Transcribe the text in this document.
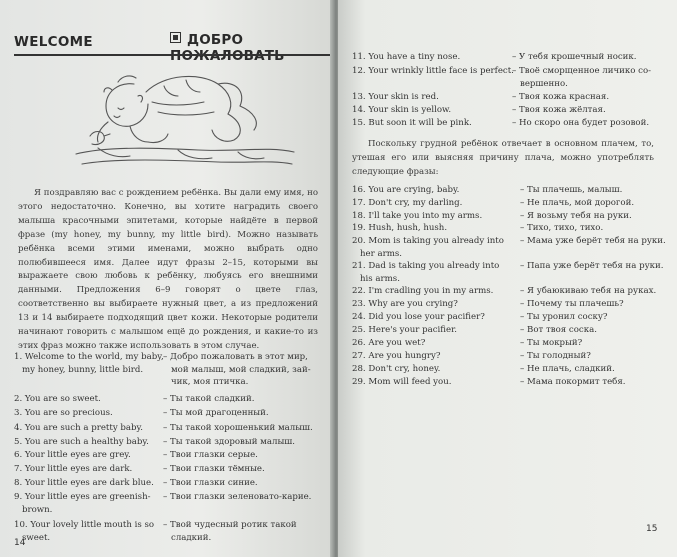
WELCOME	ДОБРО ПОЖАЛОВАТЬ
Я поздравляю вас с рождением ребёнка. Вы дали ему имя, но этого недостаточно. Конечно, вы хотите наградить своего малыша красочными эпитетами, которые найдёте в первой фразе (my honey, my bunny, my little bird). Можно называть ребёнка всеми этими именами, можно выбрать одно полюбившееся имя. Далее идут фразы 2–15, которыми вы выражаете свою любовь к ребёнку, любуясь его внешними данными. Предложения 6–9 говорят о цвете глаз, соответственно вы выбираете нужный цвет, а из предложений 13 и 14 выбираете подходящий цвет кожи. Некоторые родители начинают говорить с малышом ещё до рождения, и какие-то из этих фраз можно также использовать в этом случае.
1. Welcome to the world, my baby,
my honey, bunny, little bird.
– Добро пожаловать в этот мир,
мой малыш, мой сладкий, зай-
чик, моя птичка.
2. You are so sweet.	– Ты такой сладкий.
3. You are so precious.	– Ты мой драгоценный.
4. You are such a pretty baby. – Ты такой хорошенький малыш.
5. You are such a healthy baby. – Ты такой здоровый малыш.
6. Your little eyes are grey.	– Твои глазки серые.
7. Your little eyes are dark.	– Твои глазки тёмные.
8. Your little eyes are dark blue. – Твои глазки синие.
9. Your little eyes are greenish-
brown.
– Твои глазки зеленовато-карие.
10. Your lovely little mouth is so
sweet.
– Твой чудесный ротик такой
сладкий.
14
11. You have a tiny nose.	– У тебя крошечный носик.
12. Your wrinkly little face is perfect.
– Твоё сморщенное личико со-
вершенно.
13. Your skin is red.	– Твоя кожа красная.
14. Your skin is yellow.	– Твоя кожа жёлтая.
15. But soon it will be pink.	– Но скоро она будет розовой.
Поскольку грудной ребёнок отвечает в основном плачем, то, утешая его или выясняя причину плача, можно употреблять следующие фразы:
16. You are crying, baby.	– Ты плачешь, малыш.
17. Don't cry, my darling.	– Не плачь, мой дорогой.
18. I'll take you into my arms.	– Я возьму тебя на руки.
19. Hush, hush, hush.	– Тихо, тихо, тихо.
20. Mom is taking you already into
her arms.
– Мама уже берёт тебя на руки.
21. Dad is taking you already into
his arms.
– Папа уже берёт тебя на руки.
22. I'm cradling you in my arms.	– Я убаюкиваю тебя на руках.
23. Why are you crying?	– Почему ты плачешь?
24. Did you lose your pacifier?	– Ты уронил соску?
25. Here's your pacifier.	– Вот твоя соска.
26. Are you wet?	– Ты мокрый?
27. Are you hungry?	– Ты голодный?
28. Don't cry, honey.	– Не плачь, сладкий.
29. Mom will feed you.	– Мама покормит тебя.
15
